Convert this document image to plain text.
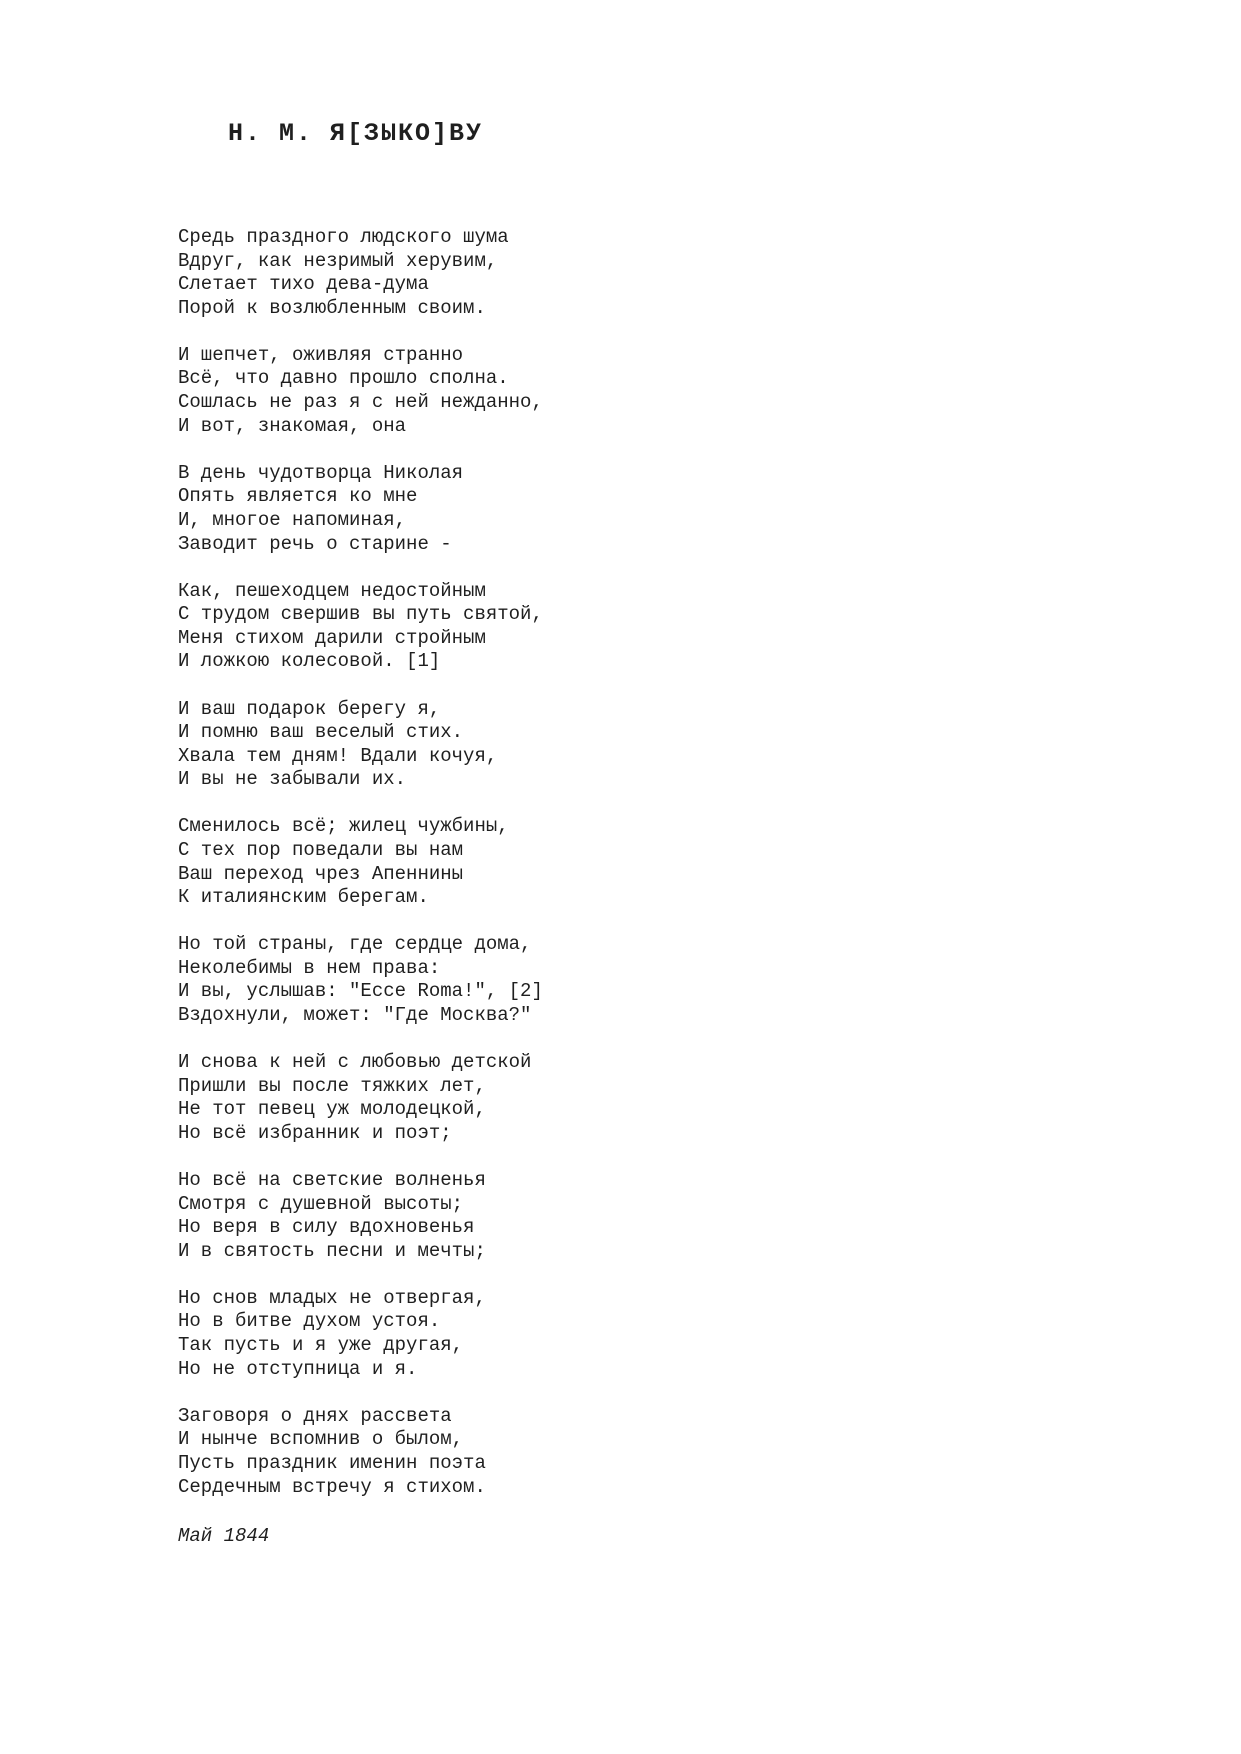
Н. М. Я[ЗЫКО]ВУ
Средь праздного людского шума
Вдруг, как незримый херувим,
Слетает тихо дева-дума
Порой к возлюбленным своим.
И шепчет, оживляя странно
Всё, что давно прошло сполна.
Сошлась не раз я с ней нежданно,
И вот, знакомая, она
В день чудотворца Николая
Опять является ко мне
И, многое напоминая,
Заводит речь о старине -
Как, пешеходцем недостойным
С трудом свершив вы путь святой,
Меня стихом дарили стройным
И ложкою колесовой. [1]
И ваш подарок берегу я,
И помню ваш веселый стих.
Хвала тем дням! Вдали кочуя,
И вы не забывали их.
Сменилось всё; жилец чужбины,
С тех пор поведали вы нам
Ваш переход чрез Апеннины
К италиянским берегам.
Но той страны, где сердце дома,
Неколебимы в нем права:
И вы, услышав: "Ecce Roma!", [2]
Вздохнули, может: "Где Москва?"
И снова к ней с любовью детской
Пришли вы после тяжких лет,
Не тот певец уж молодецкой,
Но всё избранник и поэт;
Но всё на светские волненья
Смотря с душевной высоты;
Но веря в силу вдохновенья
И в святость песни и мечты;
Но снов младых не отвергая,
Но в битве духом устоя.
Так пусть и я уже другая,
Но не отступница и я.
Заговоря о днях рассвета
И нынче вспомнив о былом,
Пусть праздник именин поэта
Сердечным встречу я стихом.
Май 1844
